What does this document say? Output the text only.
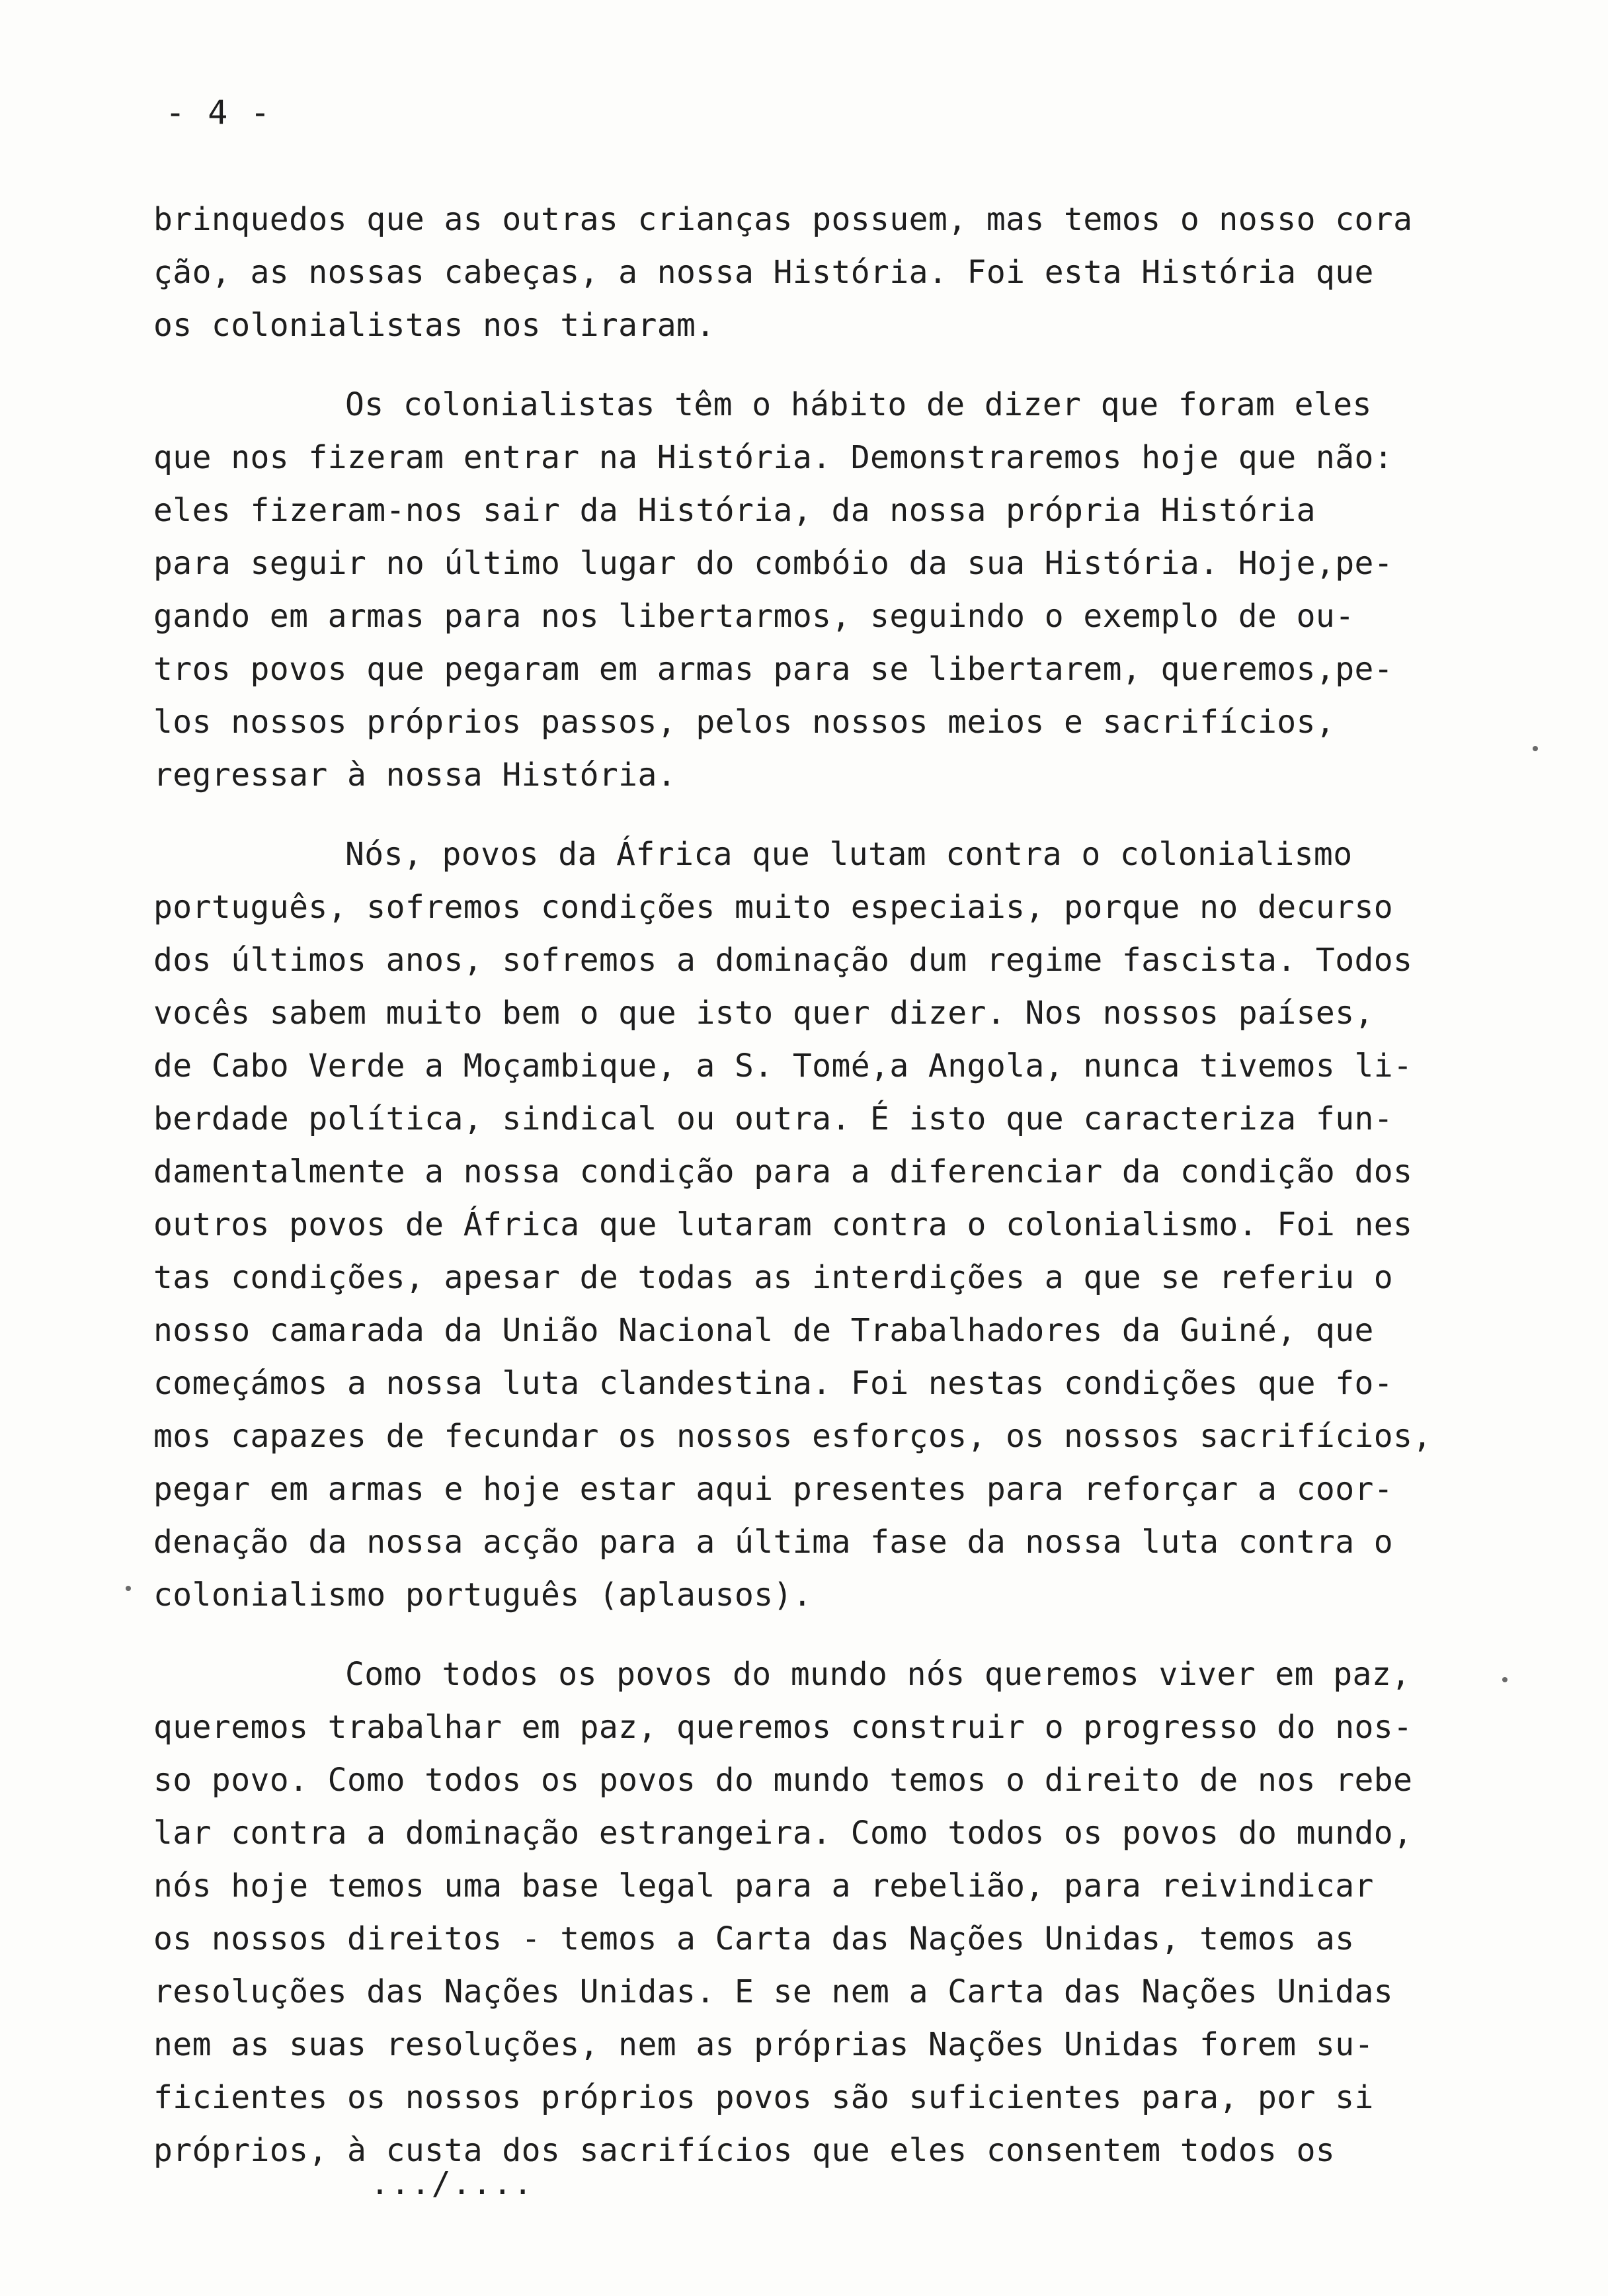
- 4 -
brinquedos que as outras crianças possuem, mas temos o nosso cora
ção, as nossas cabeças, a nossa História. Foi esta História que
os colonialistas nos tiraram.
Os colonialistas têm o hábito de dizer que foram eles
que nos fizeram entrar na História. Demonstraremos hoje que não:
eles fizeram-nos sair da História, da nossa própria História
para seguir no último lugar do combóio da sua História. Hoje,pe-
gando em armas para nos libertarmos, seguindo o exemplo de ou-
tros povos que pegaram em armas para se libertarem, queremos,pe-
los nossos próprios passos, pelos nossos meios e sacrifícios,
regressar à nossa História.
Nós, povos da África que lutam contra o colonialismo
português, sofremos condições muito especiais, porque no decurso
dos últimos anos, sofremos a dominação dum regime fascista. Todos
vocês sabem muito bem o que isto quer dizer. Nos nossos países,
de Cabo Verde a Moçambique, a S. Tomé,a Angola, nunca tivemos li-
berdade política, sindical ou outra. É isto que caracteriza fun-
damentalmente a nossa condição para a diferenciar da condição dos
outros povos de África que lutaram contra o colonialismo. Foi nes
tas condições, apesar de todas as interdições a que se referiu o
nosso camarada da União Nacional de Trabalhadores da Guiné, que
começámos a nossa luta clandestina. Foi nestas condições que fo-
mos capazes de fecundar os nossos esforços, os nossos sacrifícios,
pegar em armas e hoje estar aqui presentes para reforçar a coor-
denação da nossa acção para a última fase da nossa luta contra o
colonialismo português (aplausos).
Como todos os povos do mundo nós queremos viver em paz,
queremos trabalhar em paz, queremos construir o progresso do nos-
so povo. Como todos os povos do mundo temos o direito de nos rebe
lar contra a dominação estrangeira. Como todos os povos do mundo,
nós hoje temos uma base legal para a rebelião, para reivindicar
os nossos direitos - temos a Carta das Nações Unidas, temos as
resoluções das Nações Unidas. E se nem a Carta das Nações Unidas
nem as suas resoluções, nem as próprias Nações Unidas forem su-
ficientes os nossos próprios povos são suficientes para, por si
próprios, à custa dos sacrifícios que eles consentem todos os
.../....
